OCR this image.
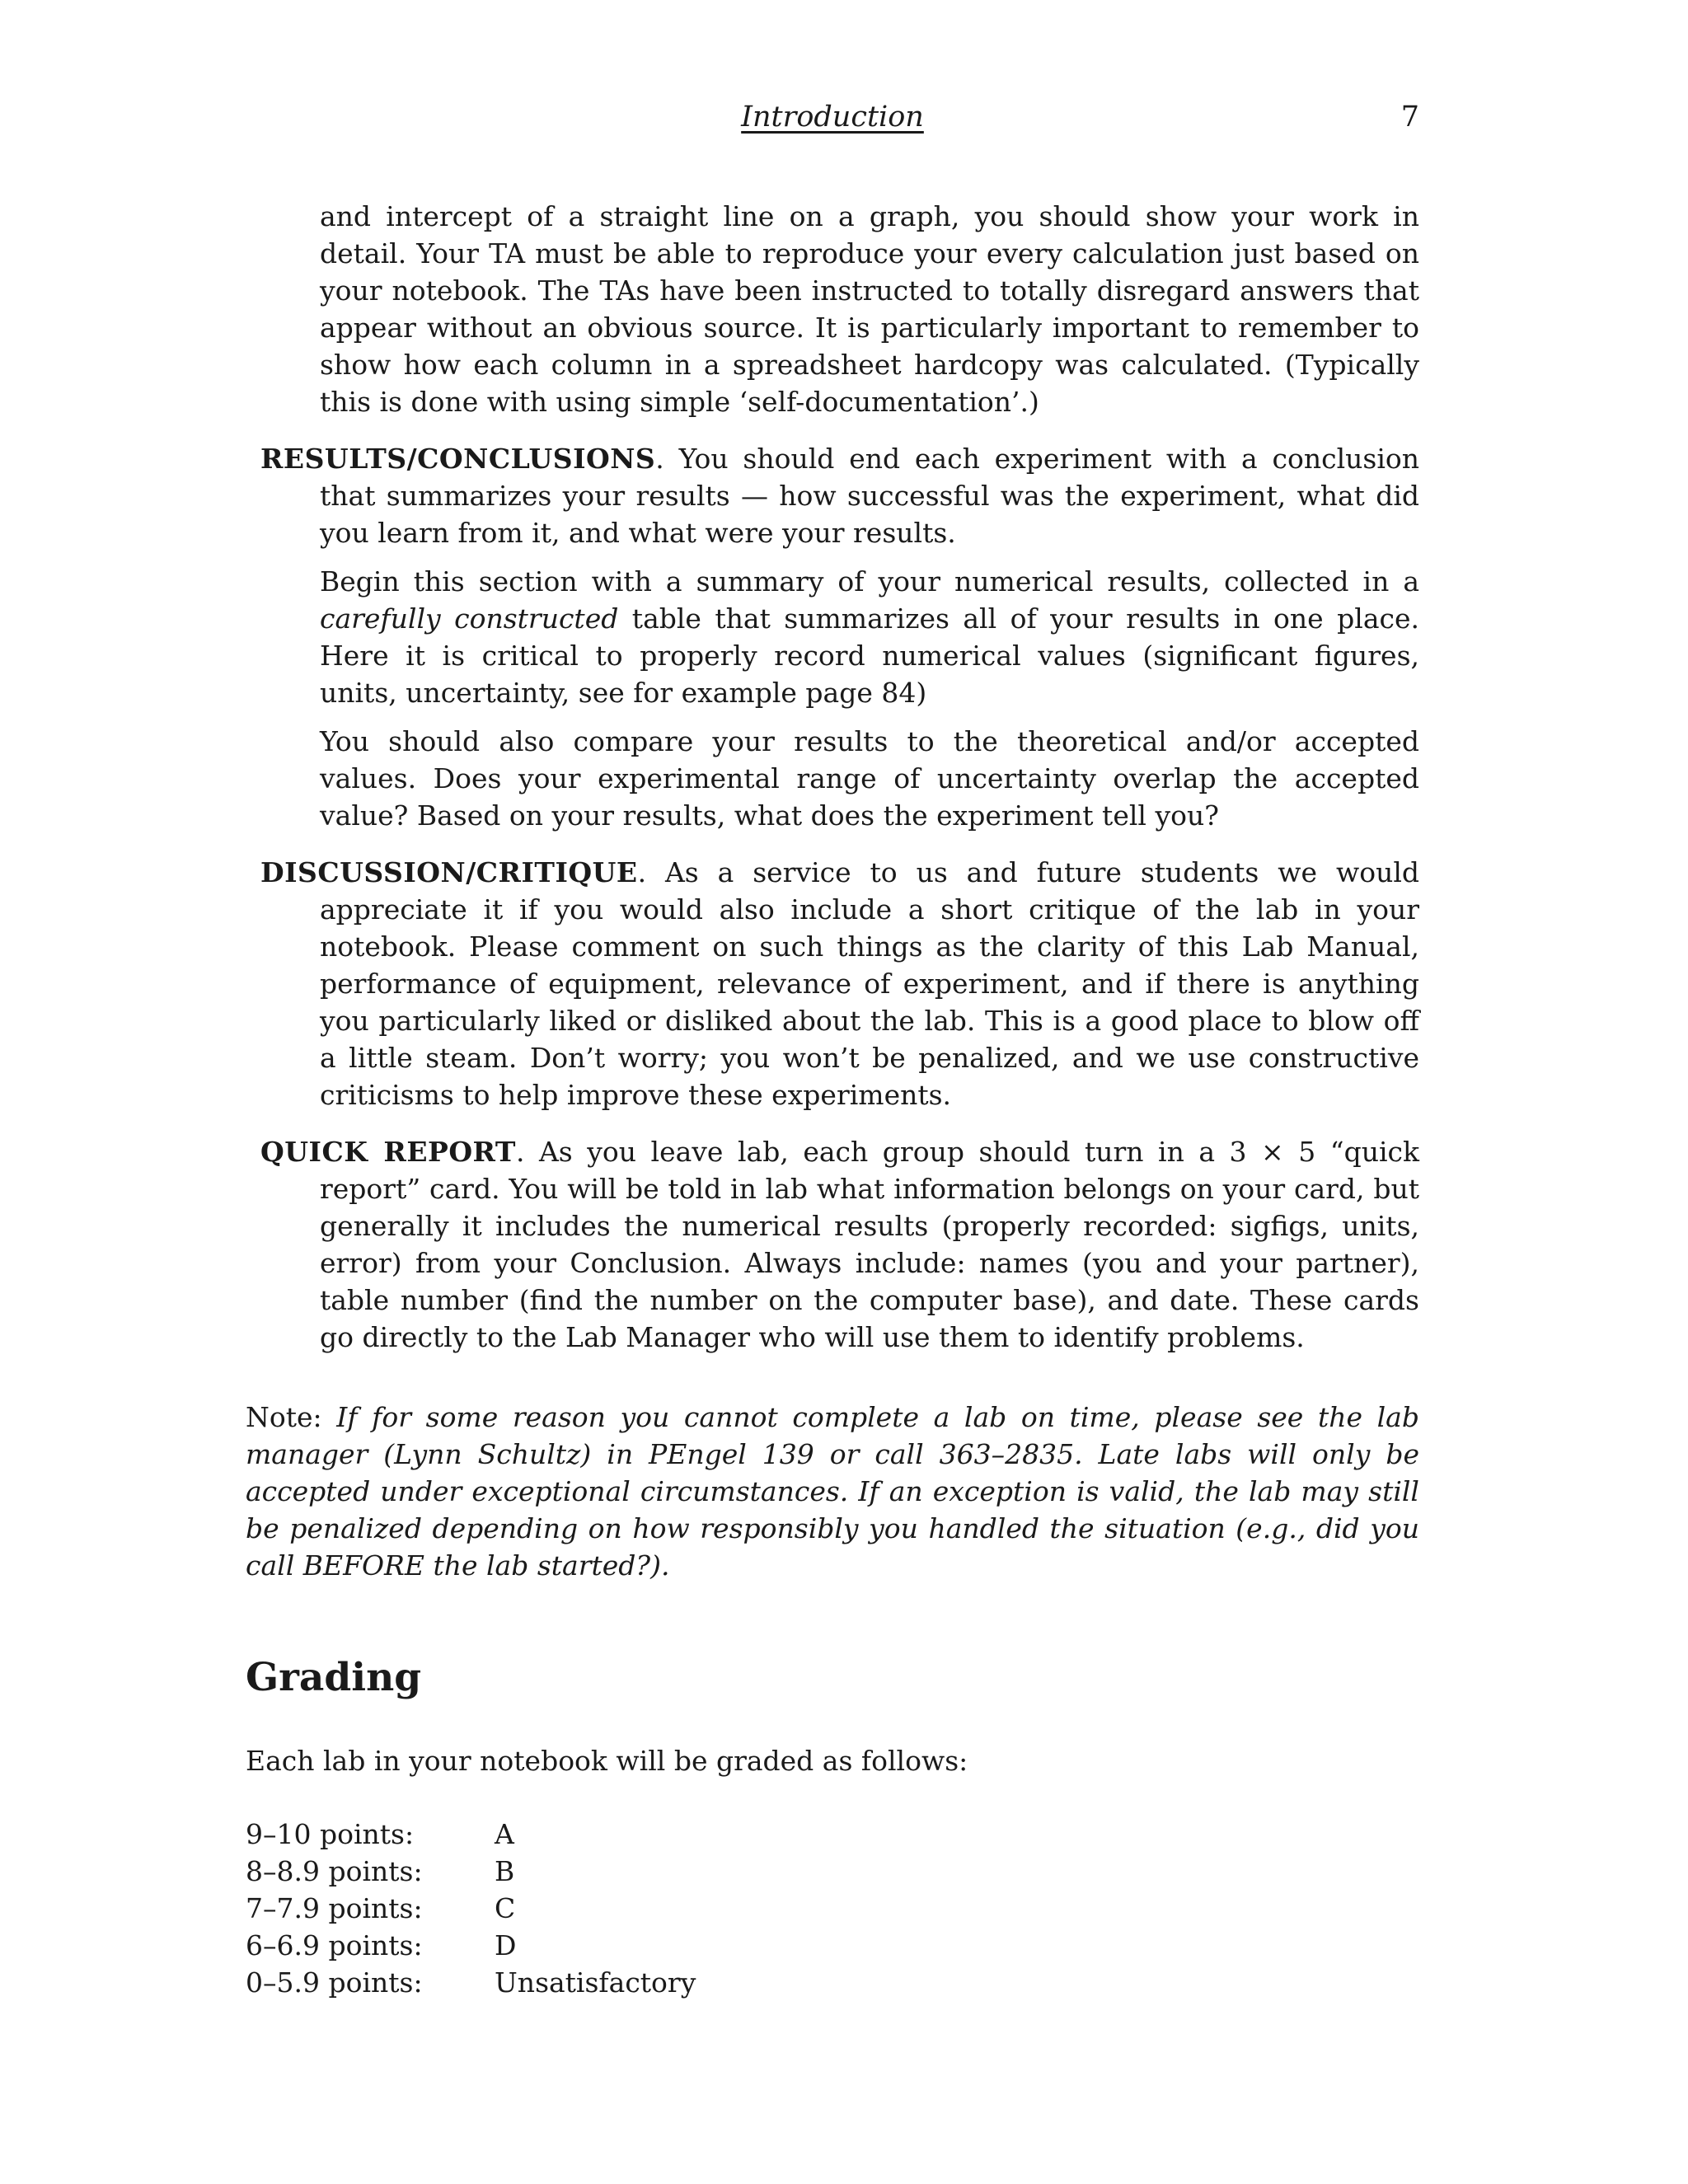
Introduction	7

and intercept of a straight line on a graph, you should show your work in detail. Your TA must be able to reproduce your every calculation just based on your notebook. The TAs have been instructed to totally disregard answers that appear without an obvious source. It is particularly important to remember to show how each column in a spreadsheet hardcopy was calculated. (Typically this is done with using simple ‘self-documentation’.)

RESULTS/CONCLUSIONS. You should end each experiment with a conclusion that summarizes your results — how successful was the experiment, what did you learn from it, and what were your results.

Begin this section with a summary of your numerical results, collected in a carefully constructed table that summarizes all of your results in one place. Here it is critical to properly record numerical values (significant figures, units, uncertainty, see for example page 84)

You should also compare your results to the theoretical and/or accepted values. Does your experimental range of uncertainty overlap the accepted value? Based on your results, what does the experiment tell you?

DISCUSSION/CRITIQUE. As a service to us and future students we would appreciate it if you would also include a short critique of the lab in your notebook. Please comment on such things as the clarity of this Lab Manual, performance of equipment, relevance of experiment, and if there is anything you particularly liked or disliked about the lab. This is a good place to blow off a little steam. Don’t worry; you won’t be penalized, and we use constructive criticisms to help improve these experiments.

QUICK REPORT. As you leave lab, each group should turn in a 3 × 5 “quick report” card. You will be told in lab what information belongs on your card, but generally it includes the numerical results (properly recorded: sigfigs, units, error) from your Conclusion. Always include: names (you and your partner), table number (find the number on the computer base), and date. These cards go directly to the Lab Manager who will use them to identify problems.

Note: If for some reason you cannot complete a lab on time, please see the lab manager (Lynn Schultz) in PEngel 139 or call 363–2835. Late labs will only be accepted under exceptional circumstances. If an exception is valid, the lab may still be penalized depending on how responsibly you handled the situation (e.g., did you call BEFORE the lab started?).

Grading

Each lab in your notebook will be graded as follows:

9–10 points:	A
8–8.9 points:	B
7–7.9 points:	C
6–6.9 points:	D
0–5.9 points:	Unsatisfactory
